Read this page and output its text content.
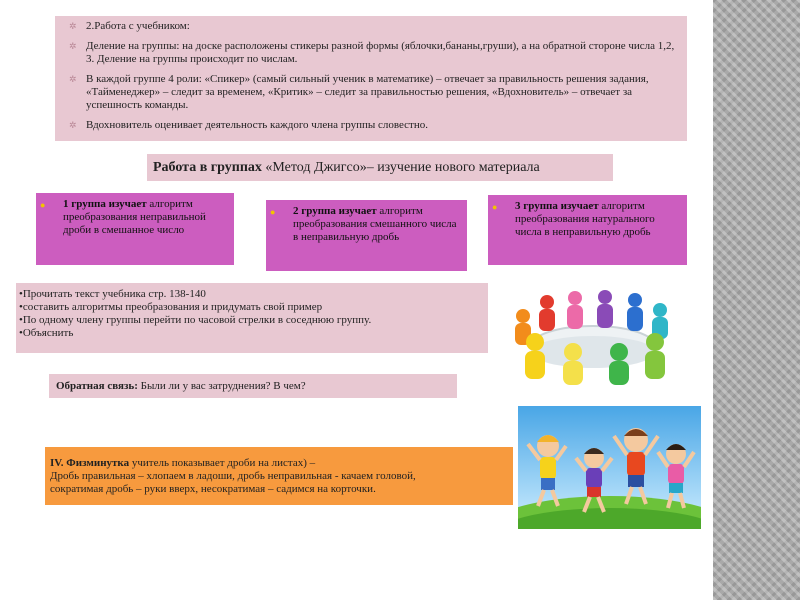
✲ 2.Работа с учебником:
✲ Деление на группы: на доске расположены стикеры разной формы (яблочки,бананы,груши), а на обратной стороне числа 1,2, 3. Деление на группы происходит по числам.
✲ В каждой группе 4 роли: «Спикер» (самый сильный ученик в математике) – отвечает за правильность решения задания, «Тайменеджер» – следит за временем, «Критик» – следит за правильностью решения, «Вдохновитель» – отвечает за успешность команды.
✲ Вдохновитель оценивает деятельность каждого члена группы словестно.
Работа в группах «Метод Джигсо»– изучение нового материала
●	1 группа изучает алгоритм преобразования неправильной дроби в смешанное число
●	2 группа изучает алгоритм преобразования смешанного числа в неправильную дробь
●	3 группа изучает алгоритм преобразования натурального числа в неправильную дробь
•Прочитать текст учебника стр. 138-140
•составить алгоритмы преобразования и придумать свой пример
•По одному члену группы перейти по часовой стрелки в соседнюю группу.
•Объяснить
Обратная связь: Были ли у вас затруднения? В чем?
IV. Физминутка учитель показывает дроби на листах) –
Дробь правильная – хлопаем в ладоши, дробь неправильная - качаем головой,
сократимая дробь – руки вверх, несократимая – садимся на корточки.
